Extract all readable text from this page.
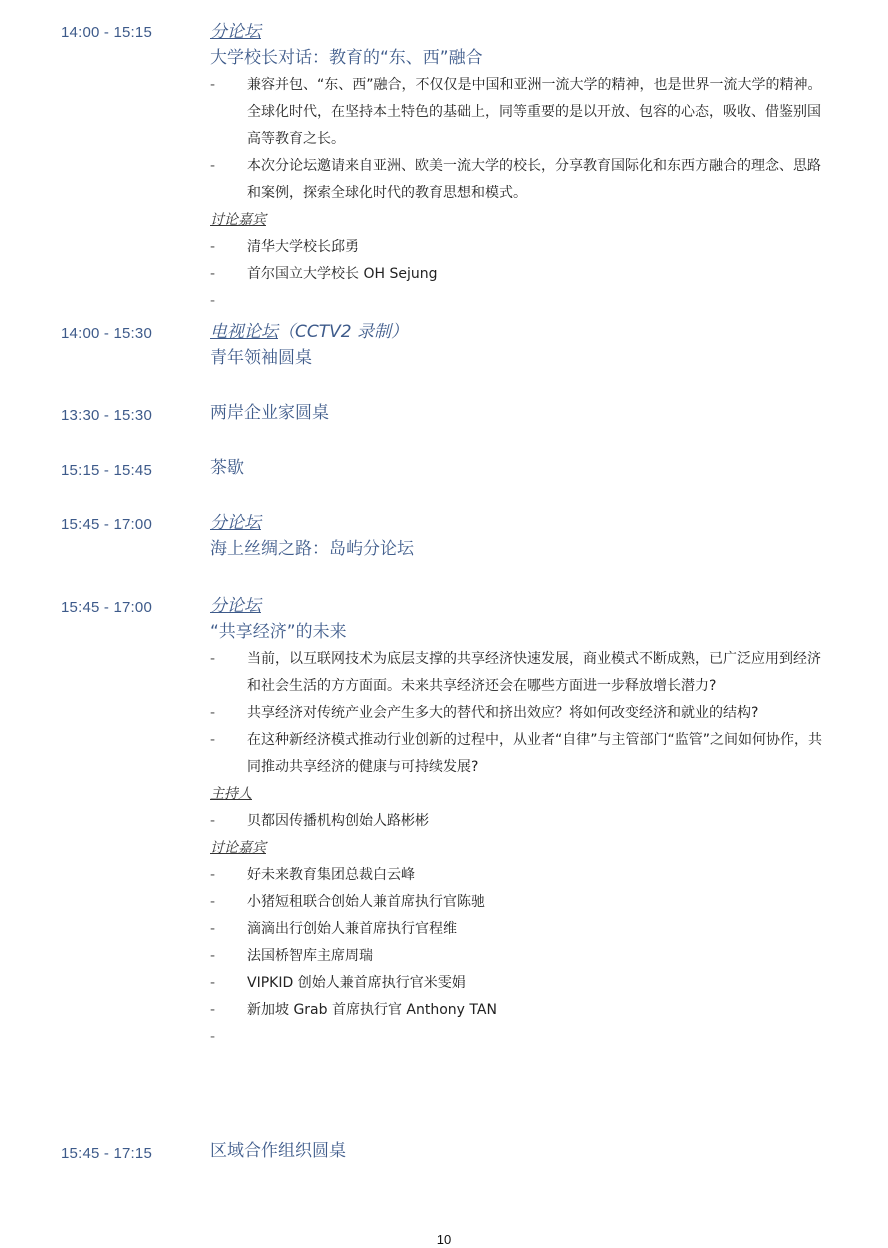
14:00 - 15:15	分论坛
大学校长对话：教育的“东、西”融合
- 兼容并包、“东、西”融合，不仅仅是中国和亚洲一流大学的精神，也是世界一流大学的精神。全球化时代，在坚持本土特色的基础上，同等重要的是以开放、包容的心态，吸收、借鉴别国高等教育之长。
- 本次分论坛邀请来自亚洲、欧美一流大学的校长，分享教育国际化和东西方融合的理念、思路和案例，探索全球化时代的教育思想和模式。
讨论嘉宾
- 清华大学校长邱勇
- 首尔国立大学校长 OH Sejung
-
14:00 - 15:30	电视论坛（CCTV2 录制）
青年领袖圆桌
13:30 - 15:30	两岸企业家圆桌
15:15 - 15:45	茶歇
15:45 - 17:00	分论坛
海上丝绸之路：岛屿分论坛
15:45 - 17:00	分论坛
“共享经济”的未来
- 当前，以互联网技术为底层支撑的共享经济快速发展，商业模式不断成熟，已广泛应用到经济和社会生活的方方面面。未来共享经济还会在哪些方面进一步释放增长潜力?
- 共享经济对传统产业会产生多大的替代和挤出效应？将如何改变经济和就业的结构?
- 在这种新经济模式推动行业创新的过程中，从业者“自律”与主管部门“监管”之间如何协作，共同推动共享经济的健康与可持续发展?
主持人
- 贝都因传播机构创始人路彬彬
讨论嘉宾
- 好未来教育集团总裁白云峰
- 小猪短租联合创始人兼首席执行官陈驰
- 滴滴出行创始人兼首席执行官程维
- 法国桥智库主席周瑞
- VIPKID 创始人兼首席执行官米雯娟
- 新加坡 Grab 首席执行官 Anthony TAN
-
15:45 - 17:15	区域合作组织圆桌
10
